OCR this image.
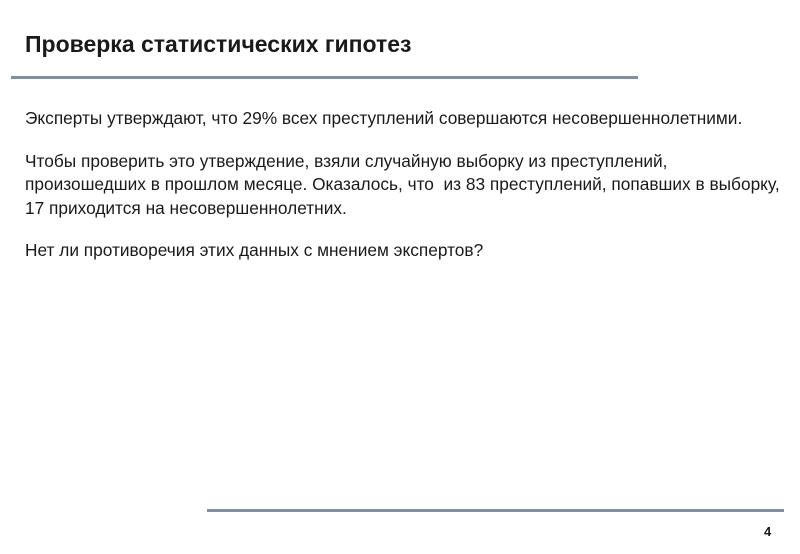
Проверка статистических гипотез

Эксперты утверждают, что 29% всех преступлений совершаются несовершеннолетними.

Чтобы проверить это утверждение, взяли случайную выборку из преступлений, произошедших в прошлом месяце. Оказалось, что  из 83 преступлений, попавших в выборку, 17 приходится на несовершеннолетних.

Нет ли противоречия этих данных с мнением экспертов?

4
